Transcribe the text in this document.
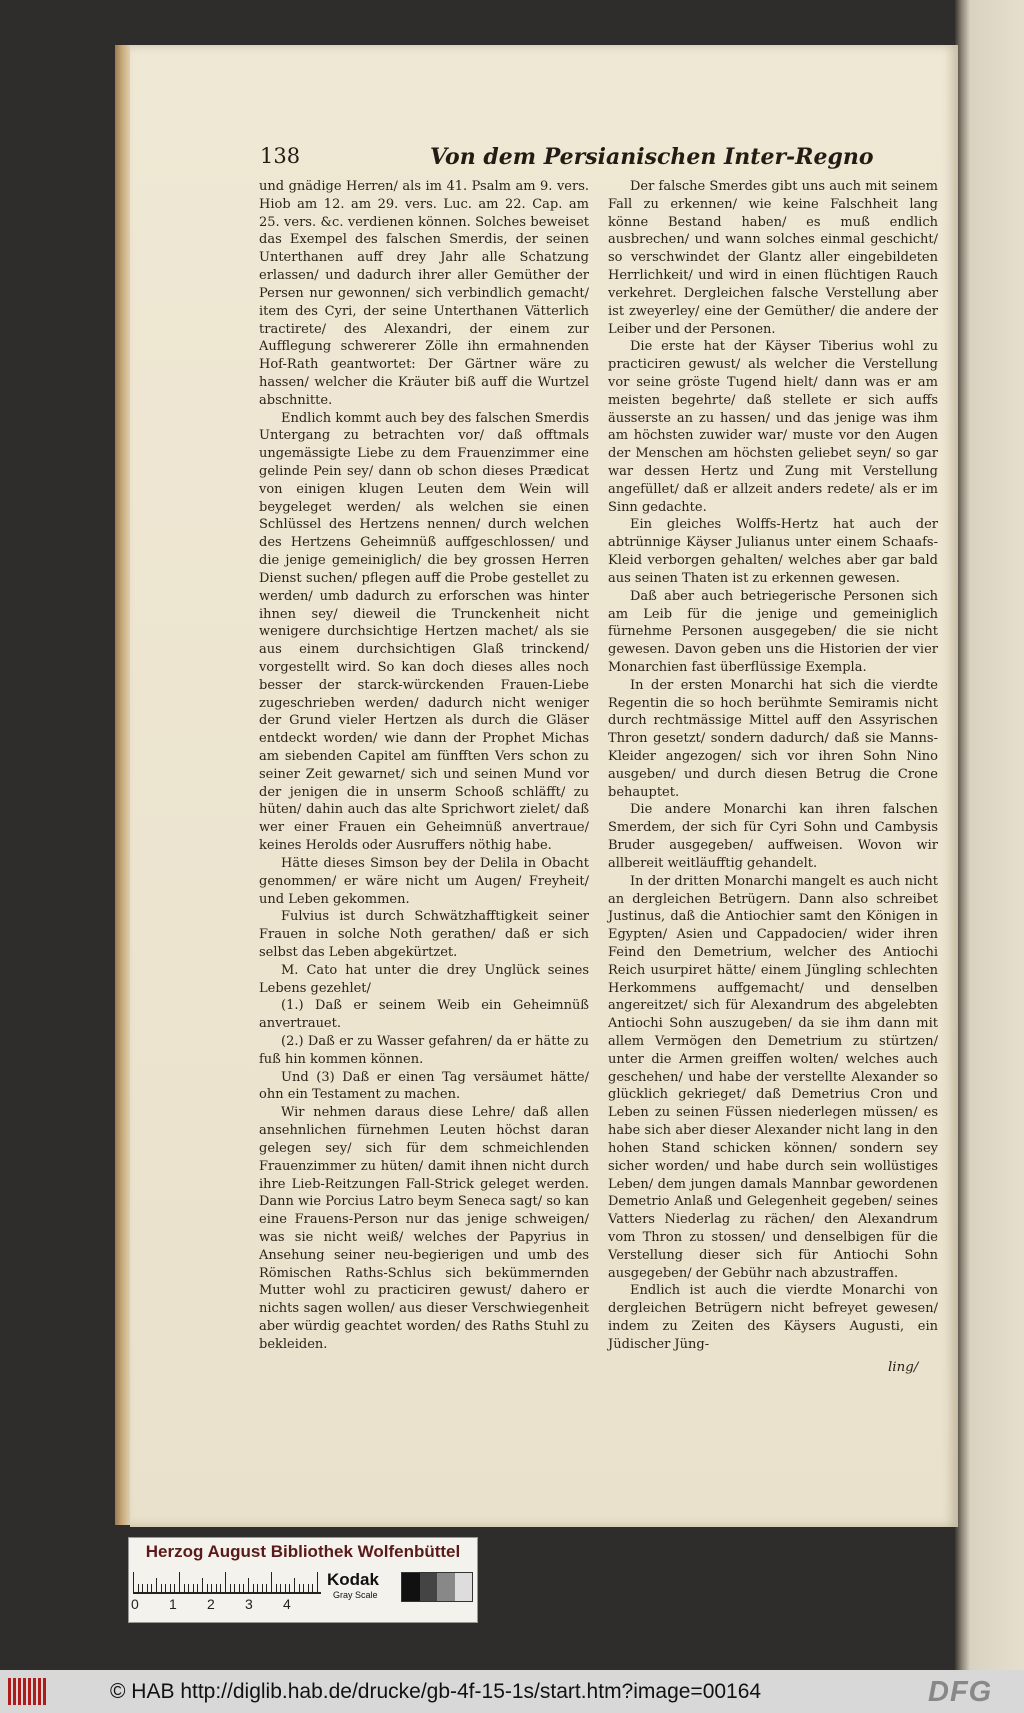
138	Von dem Persianischen Inter-Regno

und gnädige Herren/ als im 41. Psalm am 9. vers. Hiob am 12. am 29. vers. Luc. am 22. Cap. am 25. vers. &c. verdienen können. Solches beweiset das Exempel des falschen Smerdis, der seinen Unterthanen auff drey Jahr alle Schatzung erlassen/ und dadurch ihrer aller Gemüther der Persen nur gewonnen/ sich verbindlich gemacht/ item des Cyri, der seine Unterthanen Vätterlich tractirete/ des Alexandri, der einem zur Aufflegung schwererer Zölle ihn ermahnenden Hof-Rath geantwortet: Der Gärtner wäre zu hassen/ welcher die Kräuter biß auff die Wurtzel abschnitte.

Endlich kommt auch bey des falschen Smerdis Untergang zu betrachten vor/ daß offtmals ungemässigte Liebe zu dem Frauenzimmer eine gelinde Pein sey/ dann ob schon dieses Prædicat von einigen klugen Leuten dem Wein will beygeleget werden/ als welchen sie einen Schlüssel des Hertzens nennen/ durch welchen des Hertzens Geheimnüß auffgeschlossen/ und die jenige gemeiniglich/ die bey grossen Herren Dienst suchen/ pflegen auff die Probe gestellet zu werden/ umb dadurch zu erforschen was hinter ihnen sey/ dieweil die Trunckenheit nicht wenigere durchsichtige Hertzen machet/ als sie aus einem durchsichtigen Glaß trinckend/ vorgestellt wird. So kan doch dieses alles noch besser der starck-würckenden Frauen-Liebe zugeschrieben werden/ dadurch nicht weniger der Grund vieler Hertzen als durch die Gläser entdeckt worden/ wie dann der Prophet Michas am siebenden Capitel am fünfften Vers schon zu seiner Zeit gewarnet/ sich und seinen Mund vor der jenigen die in unserm Schooß schläfft/ zu hüten/ dahin auch das alte Sprichwort zielet/ daß wer einer Frauen ein Geheimnüß anvertraue/ keines Herolds oder Ausruffers nöthig habe.

Hätte dieses Simson bey der Delila in Obacht genommen/ er wäre nicht um Augen/ Freyheit/ und Leben gekommen.

Fulvius ist durch Schwätzhafftigkeit seiner Frauen in solche Noth gerathen/ daß er sich selbst das Leben abgekürtzet.

M. Cato hat unter die drey Unglück seines Lebens gezehlet/

(1.) Daß er seinem Weib ein Geheimnüß anvertrauet.

(2.) Daß er zu Wasser gefahren/ da er hätte zu fuß hin kommen können.

Und (3) Daß er einen Tag versäumet hätte/ ohn ein Testament zu machen.

Wir nehmen daraus diese Lehre/ daß allen ansehnlichen fürnehmen Leuten höchst daran gelegen sey/ sich für dem schmeichlenden Frauenzimmer zu hüten/ damit ihnen nicht durch ihre Lieb-Reitzungen Fall-Strick geleget werden. Dann wie Porcius Latro beym Seneca sagt/ so kan eine Frauens-Person nur das jenige schweigen/ was sie nicht weiß/ welches der Papyrius in Ansehung seiner neu-begierigen und umb des Römischen Raths-Schlus sich bekümmernden Mutter wohl zu practiciren gewust/ dahero er nichts sagen wollen/ aus dieser Verschwiegenheit aber würdig geachtet worden/ des Raths Stuhl zu bekleiden.

Der falsche Smerdes gibt uns auch mit seinem Fall zu erkennen/ wie keine Falschheit lang könne Bestand haben/ es muß endlich ausbrechen/ und wann solches einmal geschicht/ so verschwindet der Glantz aller eingebildeten Herrlichkeit/ und wird in einen flüchtigen Rauch verkehret. Dergleichen falsche Verstellung aber ist zweyerley/ eine der Gemüther/ die andere der Leiber und der Personen.

Die erste hat der Käyser Tiberius wohl zu practiciren gewust/ als welcher die Verstellung vor seine gröste Tugend hielt/ dann was er am meisten begehrte/ daß stellete er sich auffs äusserste an zu hassen/ und das jenige was ihm am höchsten zuwider war/ muste vor den Augen der Menschen am höchsten geliebet seyn/ so gar war dessen Hertz und Zung mit Verstellung angefüllet/ daß er allzeit anders redete/ als er im Sinn gedachte.

Ein gleiches Wolffs-Hertz hat auch der abtrünnige Käyser Julianus unter einem Schaafs-Kleid verborgen gehalten/ welches aber gar bald aus seinen Thaten ist zu erkennen gewesen.

Daß aber auch betriegerische Personen sich am Leib für die jenige und gemeiniglich fürnehme Personen ausgegeben/ die sie nicht gewesen. Davon geben uns die Historien der vier Monarchien fast überflüssige Exempla.

In der ersten Monarchi hat sich die vierdte Regentin die so hoch berühmte Semiramis nicht durch rechtmässige Mittel auff den Assyrischen Thron gesetzt/ sondern dadurch/ daß sie Manns-Kleider angezogen/ sich vor ihren Sohn Nino ausgeben/ und durch diesen Betrug die Crone behauptet.

Die andere Monarchi kan ihren falschen Smerdem, der sich für Cyri Sohn und Cambysis Bruder ausgegeben/ auffweisen. Wovon wir allbereit weitläufftig gehandelt.

In der dritten Monarchi mangelt es auch nicht an dergleichen Betrügern. Dann also schreibet Justinus, daß die Antiochier samt den Königen in Egypten/ Asien und Cappadocien/ wider ihren Feind den Demetrium, welcher des Antiochi Reich usurpiret hätte/ einem Jüngling schlechten Herkommens auffgemacht/ und denselben angereitzet/ sich für Alexandrum des abgelebten Antiochi Sohn auszugeben/ da sie ihm dann mit allem Vermögen den Demetrium zu stürtzen/ unter die Armen greiffen wolten/ welches auch geschehen/ und habe der verstellte Alexander so glücklich gekrieget/ daß Demetrius Cron und Leben zu seinen Füssen niederlegen müssen/ es habe sich aber dieser Alexander nicht lang in den hohen Stand schicken können/ sondern sey sicher worden/ und habe durch sein wollüstiges Leben/ dem jungen damals Mannbar gewordenen Demetrio Anlaß und Gelegenheit gegeben/ seines Vatters Niederlag zu rächen/ den Alexandrum vom Thron zu stossen/ und denselbigen für die Verstellung dieser sich für Antiochi Sohn ausgegeben/ der Gebühr nach abzustraffen.

Endlich ist auch die vierdte Monarchi von dergleichen Betrügern nicht befreyet gewesen/ indem zu Zeiten des Käysers Augusti, ein Jüdischer Jüng-

ling/
Herzog August Bibliothek Wolfenbüttel
0 1 2 3 4
Kodak
Gray Scale
© HAB http://diglib.hab.de/drucke/gb-4f-15-1s/start.htm?image=00164	DFG
